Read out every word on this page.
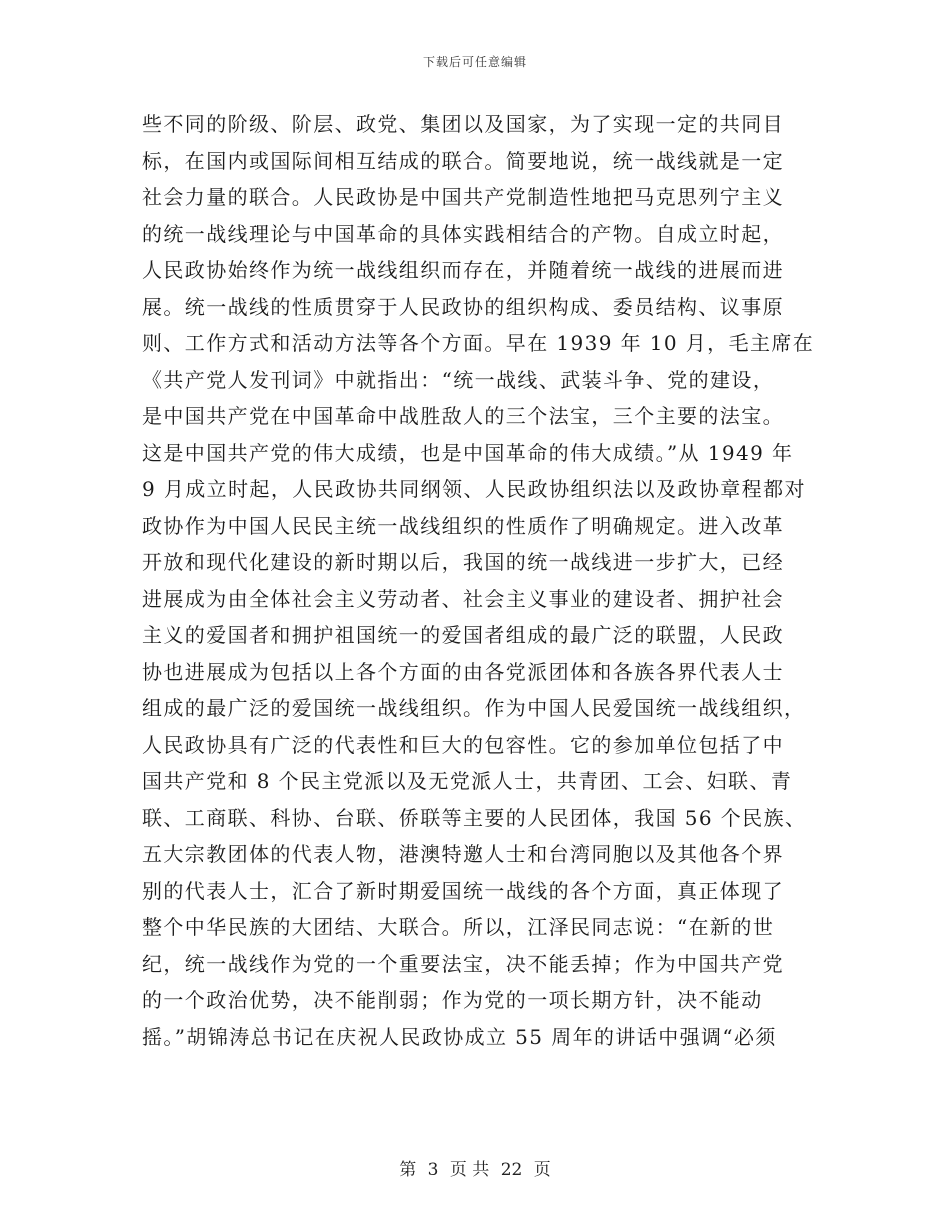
下载后可任意编辑
些不同的阶级、阶层、政党、集团以及国家，为了实现一定的共同目
标，在国内或国际间相互结成的联合。简要地说，统一战线就是一定
社会力量的联合。人民政协是中国共产党制造性地把马克思列宁主义
的统一战线理论与中国革命的具体实践相结合的产物。自成立时起，
人民政协始终作为统一战线组织而存在，并随着统一战线的进展而进
展。统一战线的性质贯穿于人民政协的组织构成、委员结构、议事原
则、工作方式和活动方法等各个方面。早在 1939 年 10 月，毛主席在
《共产党人发刊词》中就指出：“统一战线、武装斗争、党的建设，
是中国共产党在中国革命中战胜敌人的三个法宝，三个主要的法宝。
这是中国共产党的伟大成绩，也是中国革命的伟大成绩。”从 1949 年
9 月成立时起，人民政协共同纲领、人民政协组织法以及政协章程都对
政协作为中国人民民主统一战线组织的性质作了明确规定。进入改革
开放和现代化建设的新时期以后，我国的统一战线进一步扩大，已经
进展成为由全体社会主义劳动者、社会主义事业的建设者、拥护社会
主义的爱国者和拥护祖国统一的爱国者组成的最广泛的联盟，人民政
协也进展成为包括以上各个方面的由各党派团体和各族各界代表人士
组成的最广泛的爱国统一战线组织。作为中国人民爱国统一战线组织，
人民政协具有广泛的代表性和巨大的包容性。它的参加单位包括了中
国共产党和 8 个民主党派以及无党派人士，共青团、工会、妇联、青
联、工商联、科协、台联、侨联等主要的人民团体，我国 56 个民族、
五大宗教团体的代表人物，港澳特邀人士和台湾同胞以及其他各个界
别的代表人士，汇合了新时期爱国统一战线的各个方面，真正体现了
整个中华民族的大团结、大联合。所以，江泽民同志说：“在新的世
纪，统一战线作为党的一个重要法宝，决不能丢掉；作为中国共产党
的一个政治优势，决不能削弱；作为党的一项长期方针，决不能动
摇。”胡锦涛总书记在庆祝人民政协成立 55 周年的讲话中强调“必须
第 3 页 共 22 页
